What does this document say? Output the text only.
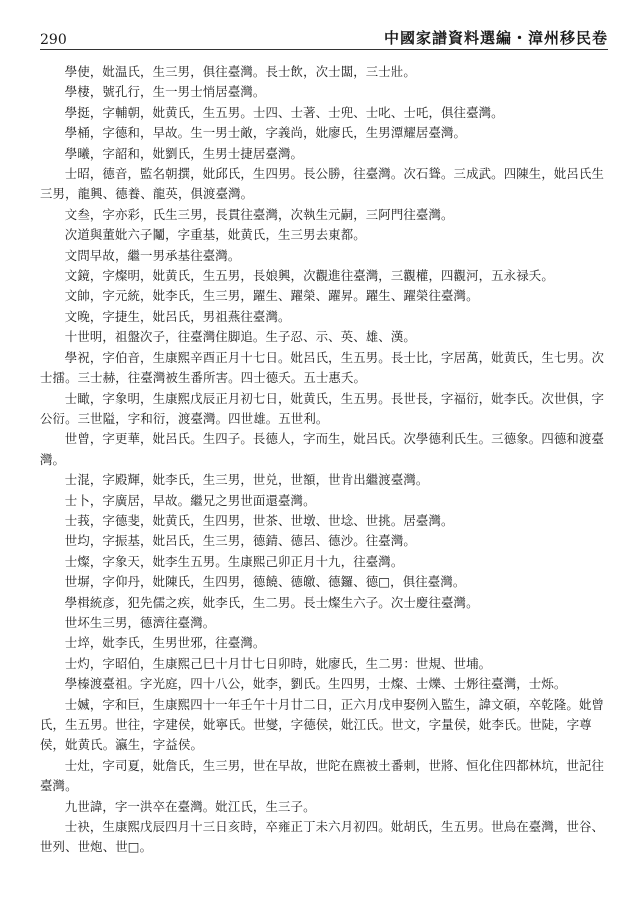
290	中國家譜資料選編・漳州移民卷

學使，妣温氏，生三男，俱往臺灣。長士飲，次士闆，三士壯。

學棲，號孔行，生一男士悄居臺灣。

學挺，字輔朝，妣黄氏，生五男。士四、士著、士兜、士叱、士吒，俱往臺灣。

學桶，字德和，早故。生一男士敵，字義尚，妣廖氏，生男潭耀居臺灣。

學曦，字韶和，妣劉氏，生男士捷居臺灣。

士昭，德音，監名朝撰，妣邱氏，生四男。長公勝，往臺灣。次石聳。三成武。四陳生，妣呂氏生三男，龍興、德養、龍英，俱渡臺灣。

文叁，字亦彩，氏生三男，長貫往臺灣，次執生元嗣，三阿門往臺灣。

次道與董妣六子鬮，字重基，妣黄氏，生三男去東都。

文問早故，繼一男承基往臺灣。

文鏡，字燦明，妣黄氏，生五男，長娘興，次觀進往臺灣，三觀權，四觀河，五永禄夭。

文帥，字元統，妣李氏，生三男，躍生、躍榮、躍昇。躍生、躍榮往臺灣。

文晚，字捷生，妣呂氏，男祖燕往臺灣。

十世明，祖盤次子，往臺灣住脚追。生子忍、示、英、雄、漢。

學祝，字伯音，生康熙辛酉正月十七日。妣呂氏，生五男。長士比，字居萬，妣黄氏，生七男。次士擂。三士赫，往臺灣被生番所害。四士德夭。五士惠夭。

士瞰，字象明，生康熙戊辰正月初七日，妣黄氏，生五男。長世長，字福衍，妣李氏。次世俱，字公衍。三世隘，字和衍，渡臺灣。四世雄。五世利。

世曾，字更華，妣呂氏。生四子。長德人，字而生，妣呂氏。次學德利氏生。三德象。四德和渡臺灣。

士混，字殿輝，妣李氏，生三男，世兑，世額，世肯出繼渡臺灣。

士卜，字廣居，早故。繼兄之男世面還臺灣。

士莪，字德斐，妣黄氏，生四男，世茶、世墩、世埝、世挑。居臺灣。

世均，字振基，妣呂氏，生三男，德錆、德呂、德沙。往臺灣。

士燦，字象天，妣李生五男。生康熙己卯正月十九，往臺灣。

世塀，字仰丹，妣陳氏，生四男，德饒、德皦、德鑼、德□，俱往臺灣。

學楫統彦，犯先儒之疾，妣李氏，生二男。長士燦生六子。次士慶往臺灣。

世坏生三男，德濟往臺灣。

士埣，妣李氏，生男世邪，往臺灣。

士灼，字昭伯，生康熙己巳十月廿七日卯時，妣廖氏，生二男：世規、世埔。

學榛渡臺祖。字光庭，四十八公，妣李，劉氏。生四男，士燦、士爍、士烿往臺灣，士烁。

士媙，字和巨，生康熙四十一年壬午十月廿二日，正六月戊申娶例入監生，諱文碩，卒乾隆。妣曾氏，生五男。世往，字建侯，妣寧氏。世燮，字德侯，妣江氏。世文，字量侯，妣李氏。世陡，字尊侯，妣黄氏。瀛生，字益侯。

士灶，字司夏，妣詹氏，生三男，世在早故，世陀在麃被土番刺，世將、恒化住四都林坑，世記往臺灣。

九世諱，字一洪卒在臺灣。妣江氏，生三子。

士袂，生康熙戊辰四月十三日亥時，卒雍正丁未六月初四。妣胡氏，生五男。世烏在臺灣，世谷、世列、世炮、世□。
